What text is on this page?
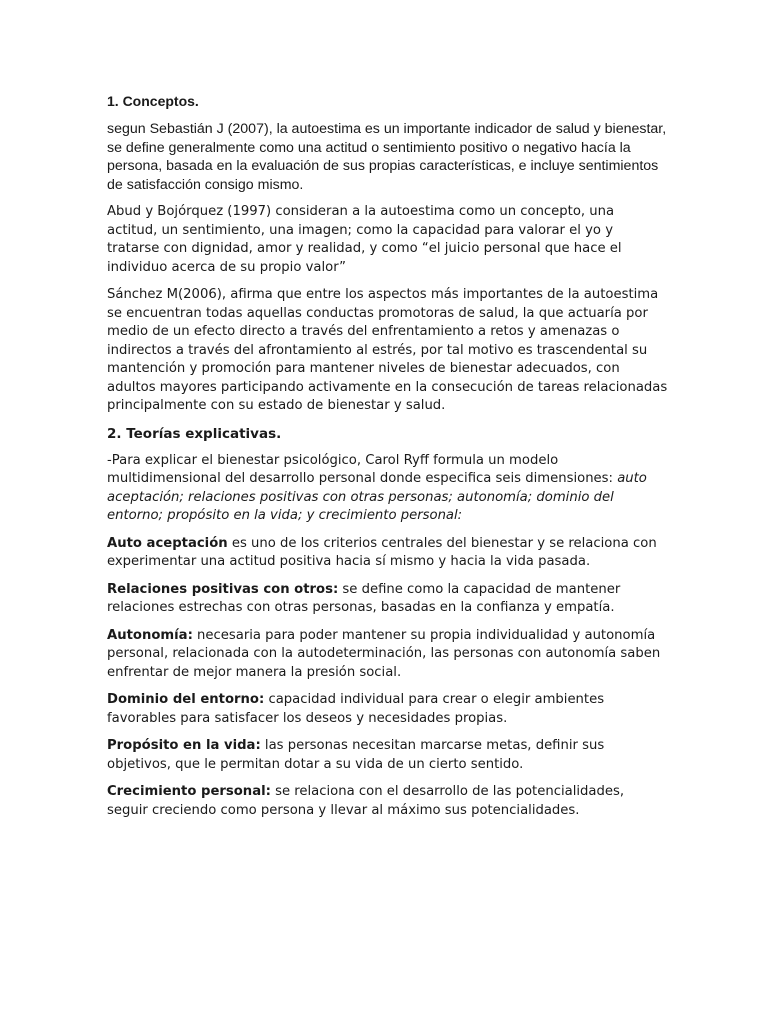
1. Conceptos.

segun Sebastián J (2007), la autoestima es un importante indicador de salud y bienestar, se define generalmente como una actitud o sentimiento positivo o negativo hacía la persona, basada en la evaluación de sus propias características, e incluye sentimientos de satisfacción consigo mismo.

Abud y Bojórquez (1997) consideran a la autoestima como un concepto, una actitud, un sentimiento, una imagen; como la capacidad para valorar el yo y tratarse con dignidad, amor y realidad, y como “el juicio personal que hace el individuo acerca de su propio valor”

Sánchez M(2006), afirma que entre los aspectos más importantes de la autoestima se encuentran todas aquellas conductas promotoras de salud, la que actuaría por medio de un efecto directo a través del enfrentamiento a retos y amenazas o indirectos a través del afrontamiento al estrés, por tal motivo es trascendental su mantención y promoción para mantener niveles de bienestar adecuados, con adultos mayores participando activamente en la consecución de tareas relacionadas principalmente con su estado de bienestar y salud.

2. Teorías explicativas.

-Para explicar el bienestar psicológico, Carol Ryff formula un modelo multidimensional del desarrollo personal donde especifica seis dimensiones: auto aceptación; relaciones positivas con otras personas; autonomía; dominio del entorno; propósito en la vida; y crecimiento personal:

Auto aceptación es uno de los criterios centrales del bienestar y se relaciona con experimentar una actitud positiva hacia sí mismo y hacia la vida pasada.

Relaciones positivas con otros: se define como la capacidad de mantener relaciones estrechas con otras personas, basadas en la confianza y empatía.

Autonomía: necesaria para poder mantener su propia individualidad y autonomía personal, relacionada con la autodeterminación, las personas con autonomía saben enfrentar de mejor manera la presión social.

Dominio del entorno: capacidad individual para crear o elegir ambientes favorables para satisfacer los deseos y necesidades propias.

Propósito en la vida: las personas necesitan marcarse metas, definir sus objetivos, que le permitan dotar a su vida de un cierto sentido.

Crecimiento personal: se relaciona con el desarrollo de las potencialidades, seguir creciendo como persona y llevar al máximo sus potencialidades.
